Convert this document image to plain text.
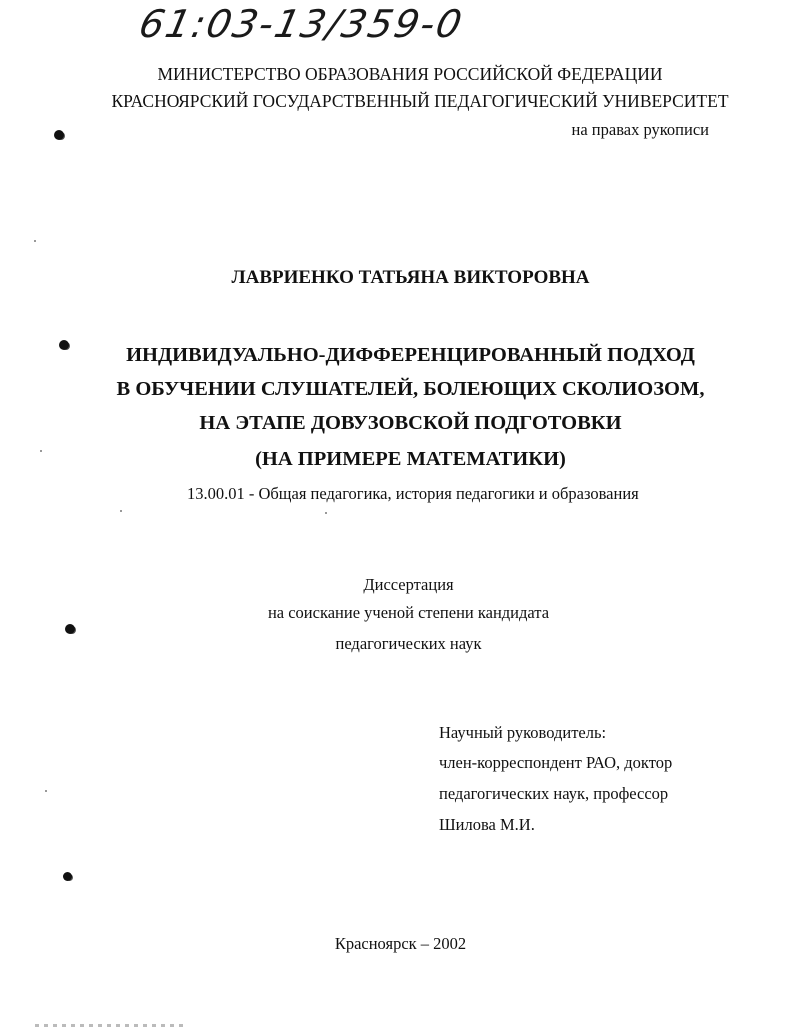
61:03-13/359-0
МИНИСТЕРСТВО ОБРАЗОВАНИЯ РОССИЙСКОЙ ФЕДЕРАЦИИ
КРАСНОЯРСКИЙ ГОСУДАРСТВЕННЫЙ ПЕДАГОГИЧЕСКИЙ УНИВЕРСИТЕТ
на правах рукописи
ЛАВРИЕНКО ТАТЬЯНА ВИКТОРОВНА
ИНДИВИДУАЛЬНО-ДИФФЕРЕНЦИРОВАННЫЙ ПОДХОД
В ОБУЧЕНИИ СЛУШАТЕЛЕЙ, БОЛЕЮЩИХ СКОЛИОЗОМ,
НА ЭТАПЕ ДОВУЗОВСКОЙ ПОДГОТОВКИ
(НА ПРИМЕРЕ МАТЕМАТИКИ)
13.00.01 - Общая педагогика, история педагогики и образования
Диссертация
на соискание ученой степени кандидата
педагогических наук
Научный руководитель:
член-корреспондент РАО, доктор
педагогических наук, профессор
Шилова М.И.
Красноярск – 2002
